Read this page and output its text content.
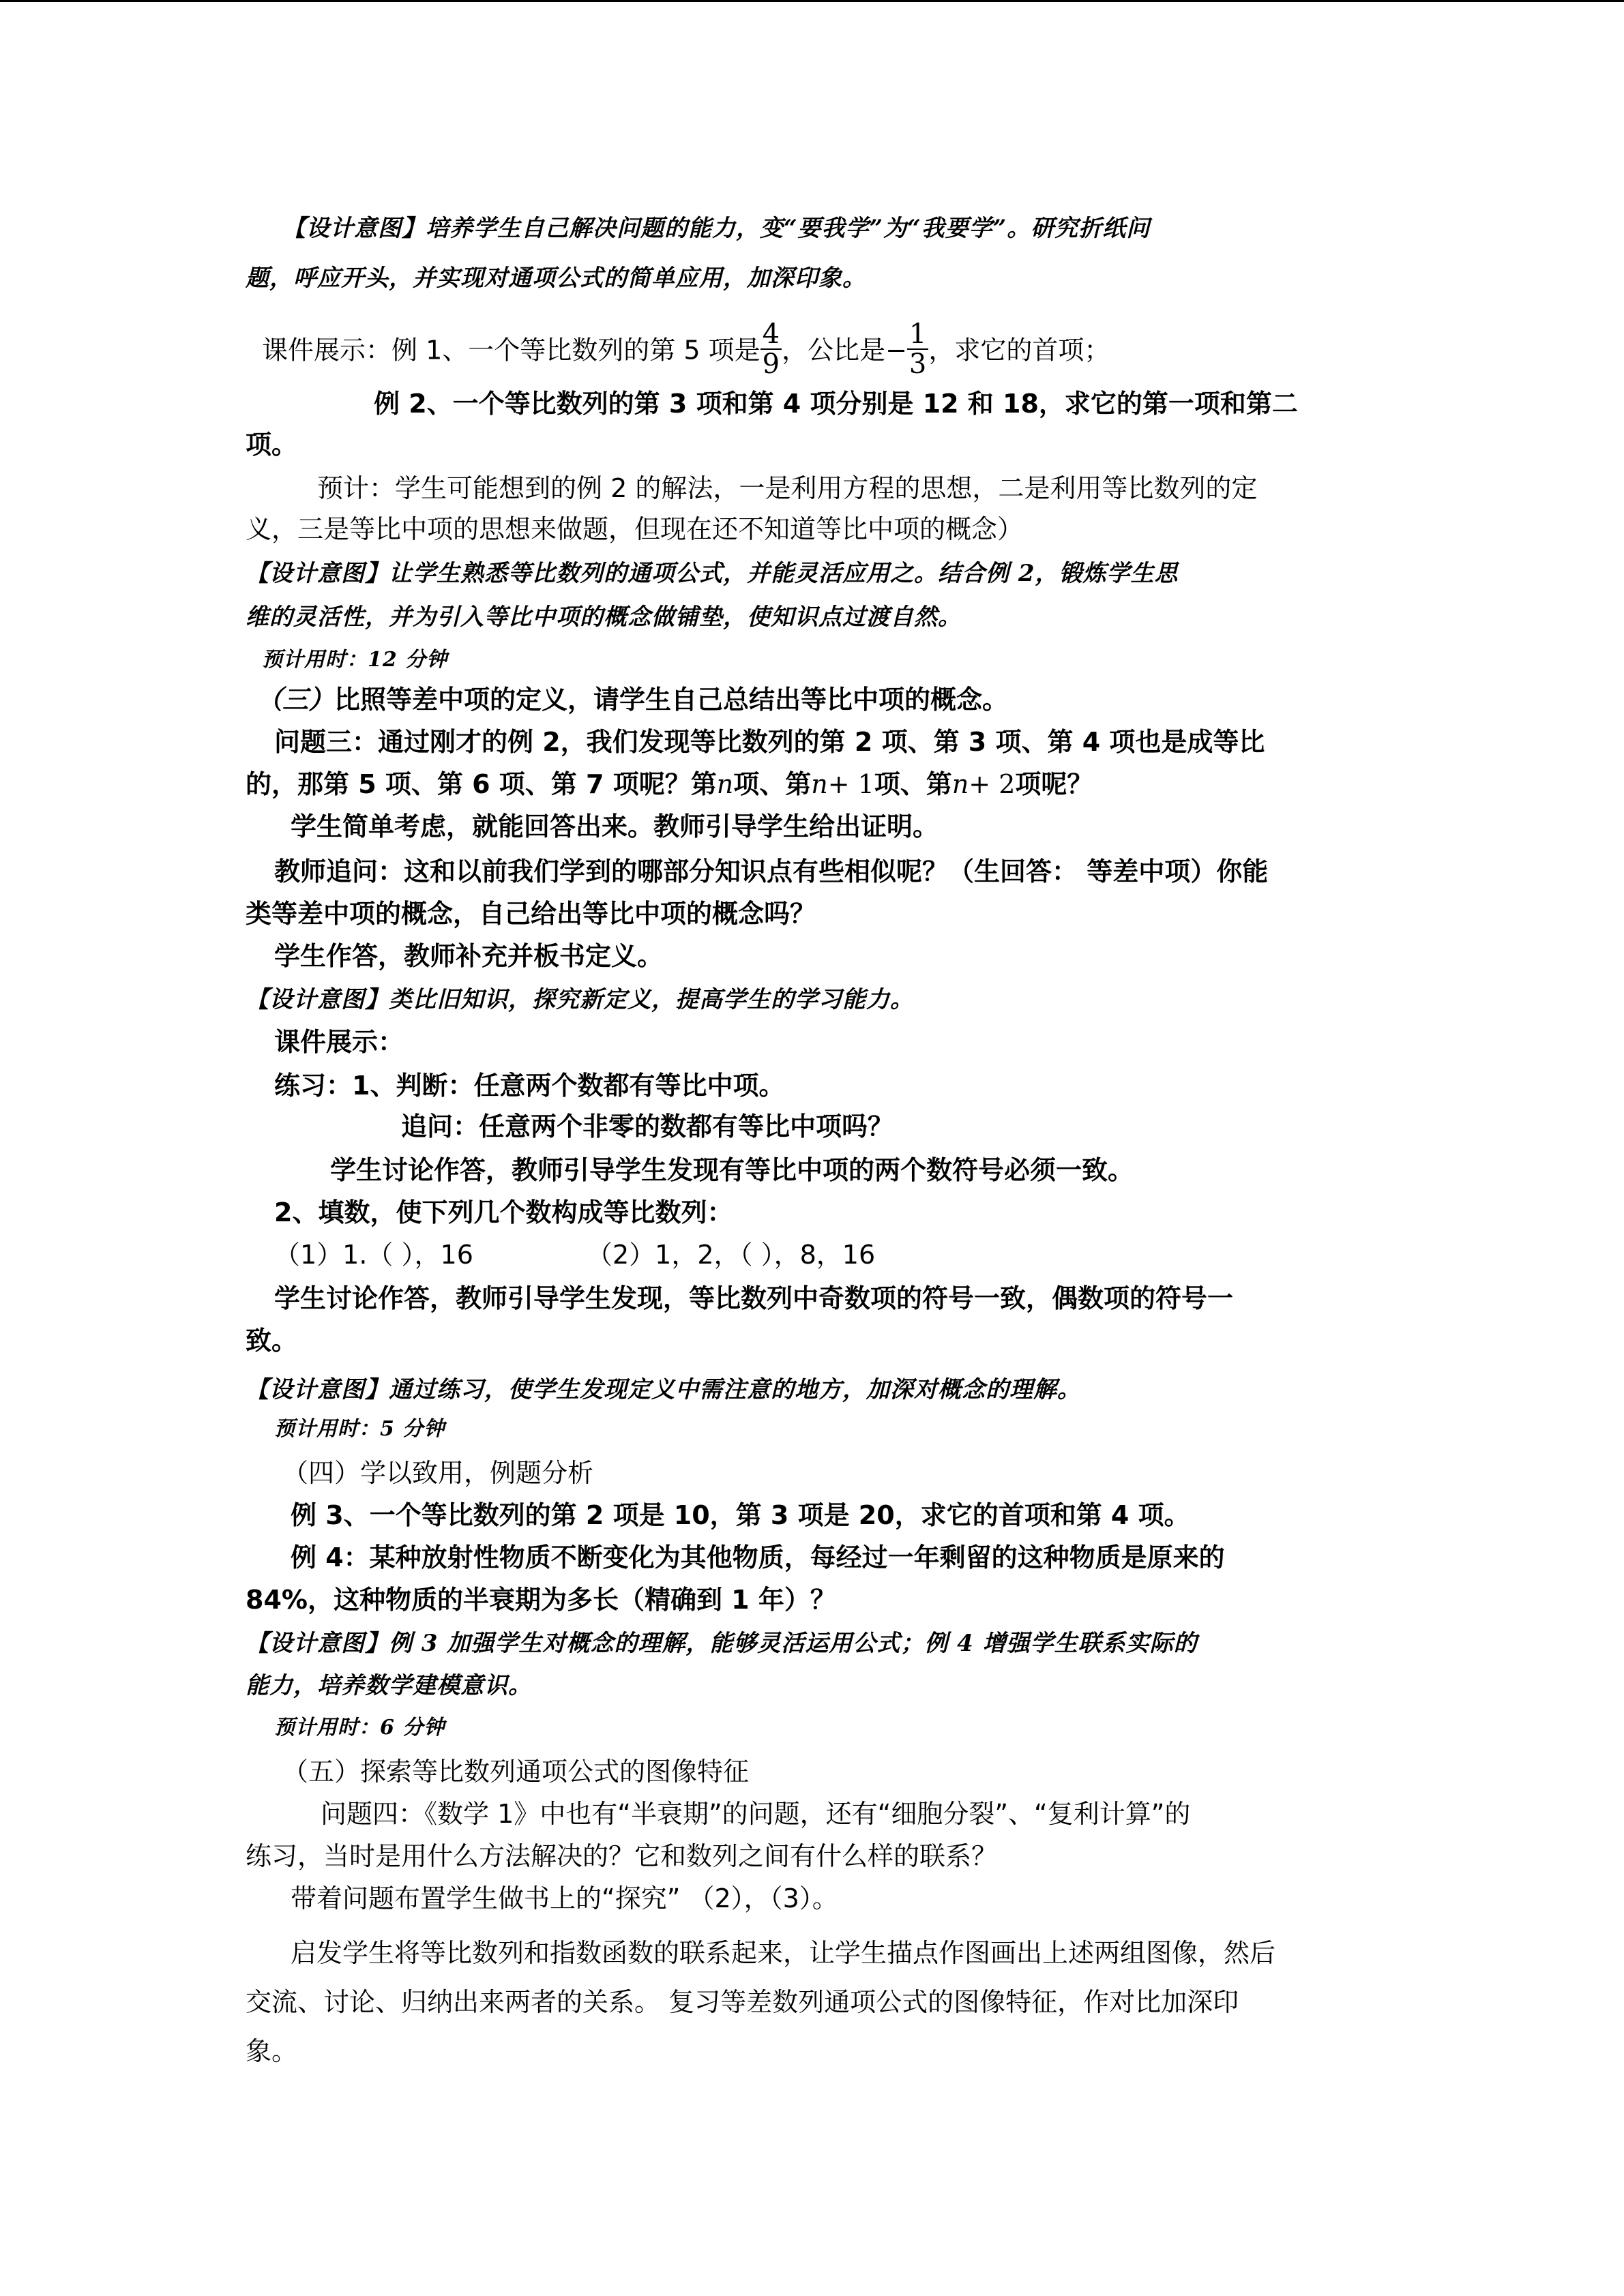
【设计意图】培养学生自己解决问题的能力，变“要我学”为“我要学”。研究折纸问
题，呼应开头，并实现对通项公式的简单应用，加深印象。
课件展示：例 1、一个等比数列的第 5 项是 $\frac{4}{9}$ ，公比是− $\frac{1}{3}$ ，求它的首项；
例 2、一个等比数列的第 3 项和第 4 项分别是 12 和 18，求它的第一项和第二
项。
预计：学生可能想到的例 2 的解法，一是利用方程的思想，二是利用等比数列的定
义，三是等比中项的思想来做题，但现在还不知道等比中项的概念）
【设计意图】让学生熟悉等比数列的通项公式，并能灵活应用之。结合例 2，锻炼学生思
维的灵活性，并为引入等比中项的概念做铺垫，使知识点过渡自然。
预计用时：12 分钟
（三）比照等差中项的定义，请学生自己总结出等比中项的概念。
问题三：通过刚才的例 2，我们发现等比数列的第 2 项、第 3 项、第 4 项也是成等比
的，那第 5 项、第 6 项、第 7 项呢？第n项、第n+ 1项、第n+ 2项呢？
学生简单考虑，就能回答出来。教师引导学生给出证明。
教师追问：这和以前我们学到的哪部分知识点有些相似呢？（生回答： 等差中项）你能
类等差中项的概念，自己给出等比中项的概念吗？
学生作答，教师补充并板书定义。
【设计意图】类比旧知识，探究新定义，提高学生的学习能力。
课件展示：
练习：1、判断：任意两个数都有等比中项。
追问：任意两个非零的数都有等比中项吗？
学生讨论作答，教师引导学生发现有等比中项的两个数符号必须一致。
2、填数，使下列几个数构成等比数列：
（1）1.（ ），16	（2）1，2，（ ），8，16
学生讨论作答，教师引导学生发现，等比数列中奇数项的符号一致，偶数项的符号一
致。
【设计意图】通过练习，使学生发现定义中需注意的地方，加深对概念的理解。
预计用时：5 分钟
（四）学以致用，例题分析
例 3、一个等比数列的第 2 项是 10，第 3 项是 20，求它的首项和第 4 项。
例 4：某种放射性物质不断变化为其他物质，每经过一年剩留的这种物质是原来的
84%，这种物质的半衰期为多长（精确到 1 年）？
【设计意图】例 3 加强学生对概念的理解，能够灵活运用公式；例 4 增强学生联系实际的
能力，培养数学建模意识。
预计用时：6 分钟
（五）探索等比数列通项公式的图像特征
问题四：《数学 1》中也有“半衰期”的问题，还有“细胞分裂”、“复利计算”的
练习，当时是用什么方法解决的？它和数列之间有什么样的联系？
带着问题布置学生做书上的“探究” （2），（3）。
启发学生将等比数列和指数函数的联系起来，让学生描点作图画出上述两组图像，然后
交流、讨论、归纳出来两者的关系。 复习等差数列通项公式的图像特征，作对比加深印
象。
